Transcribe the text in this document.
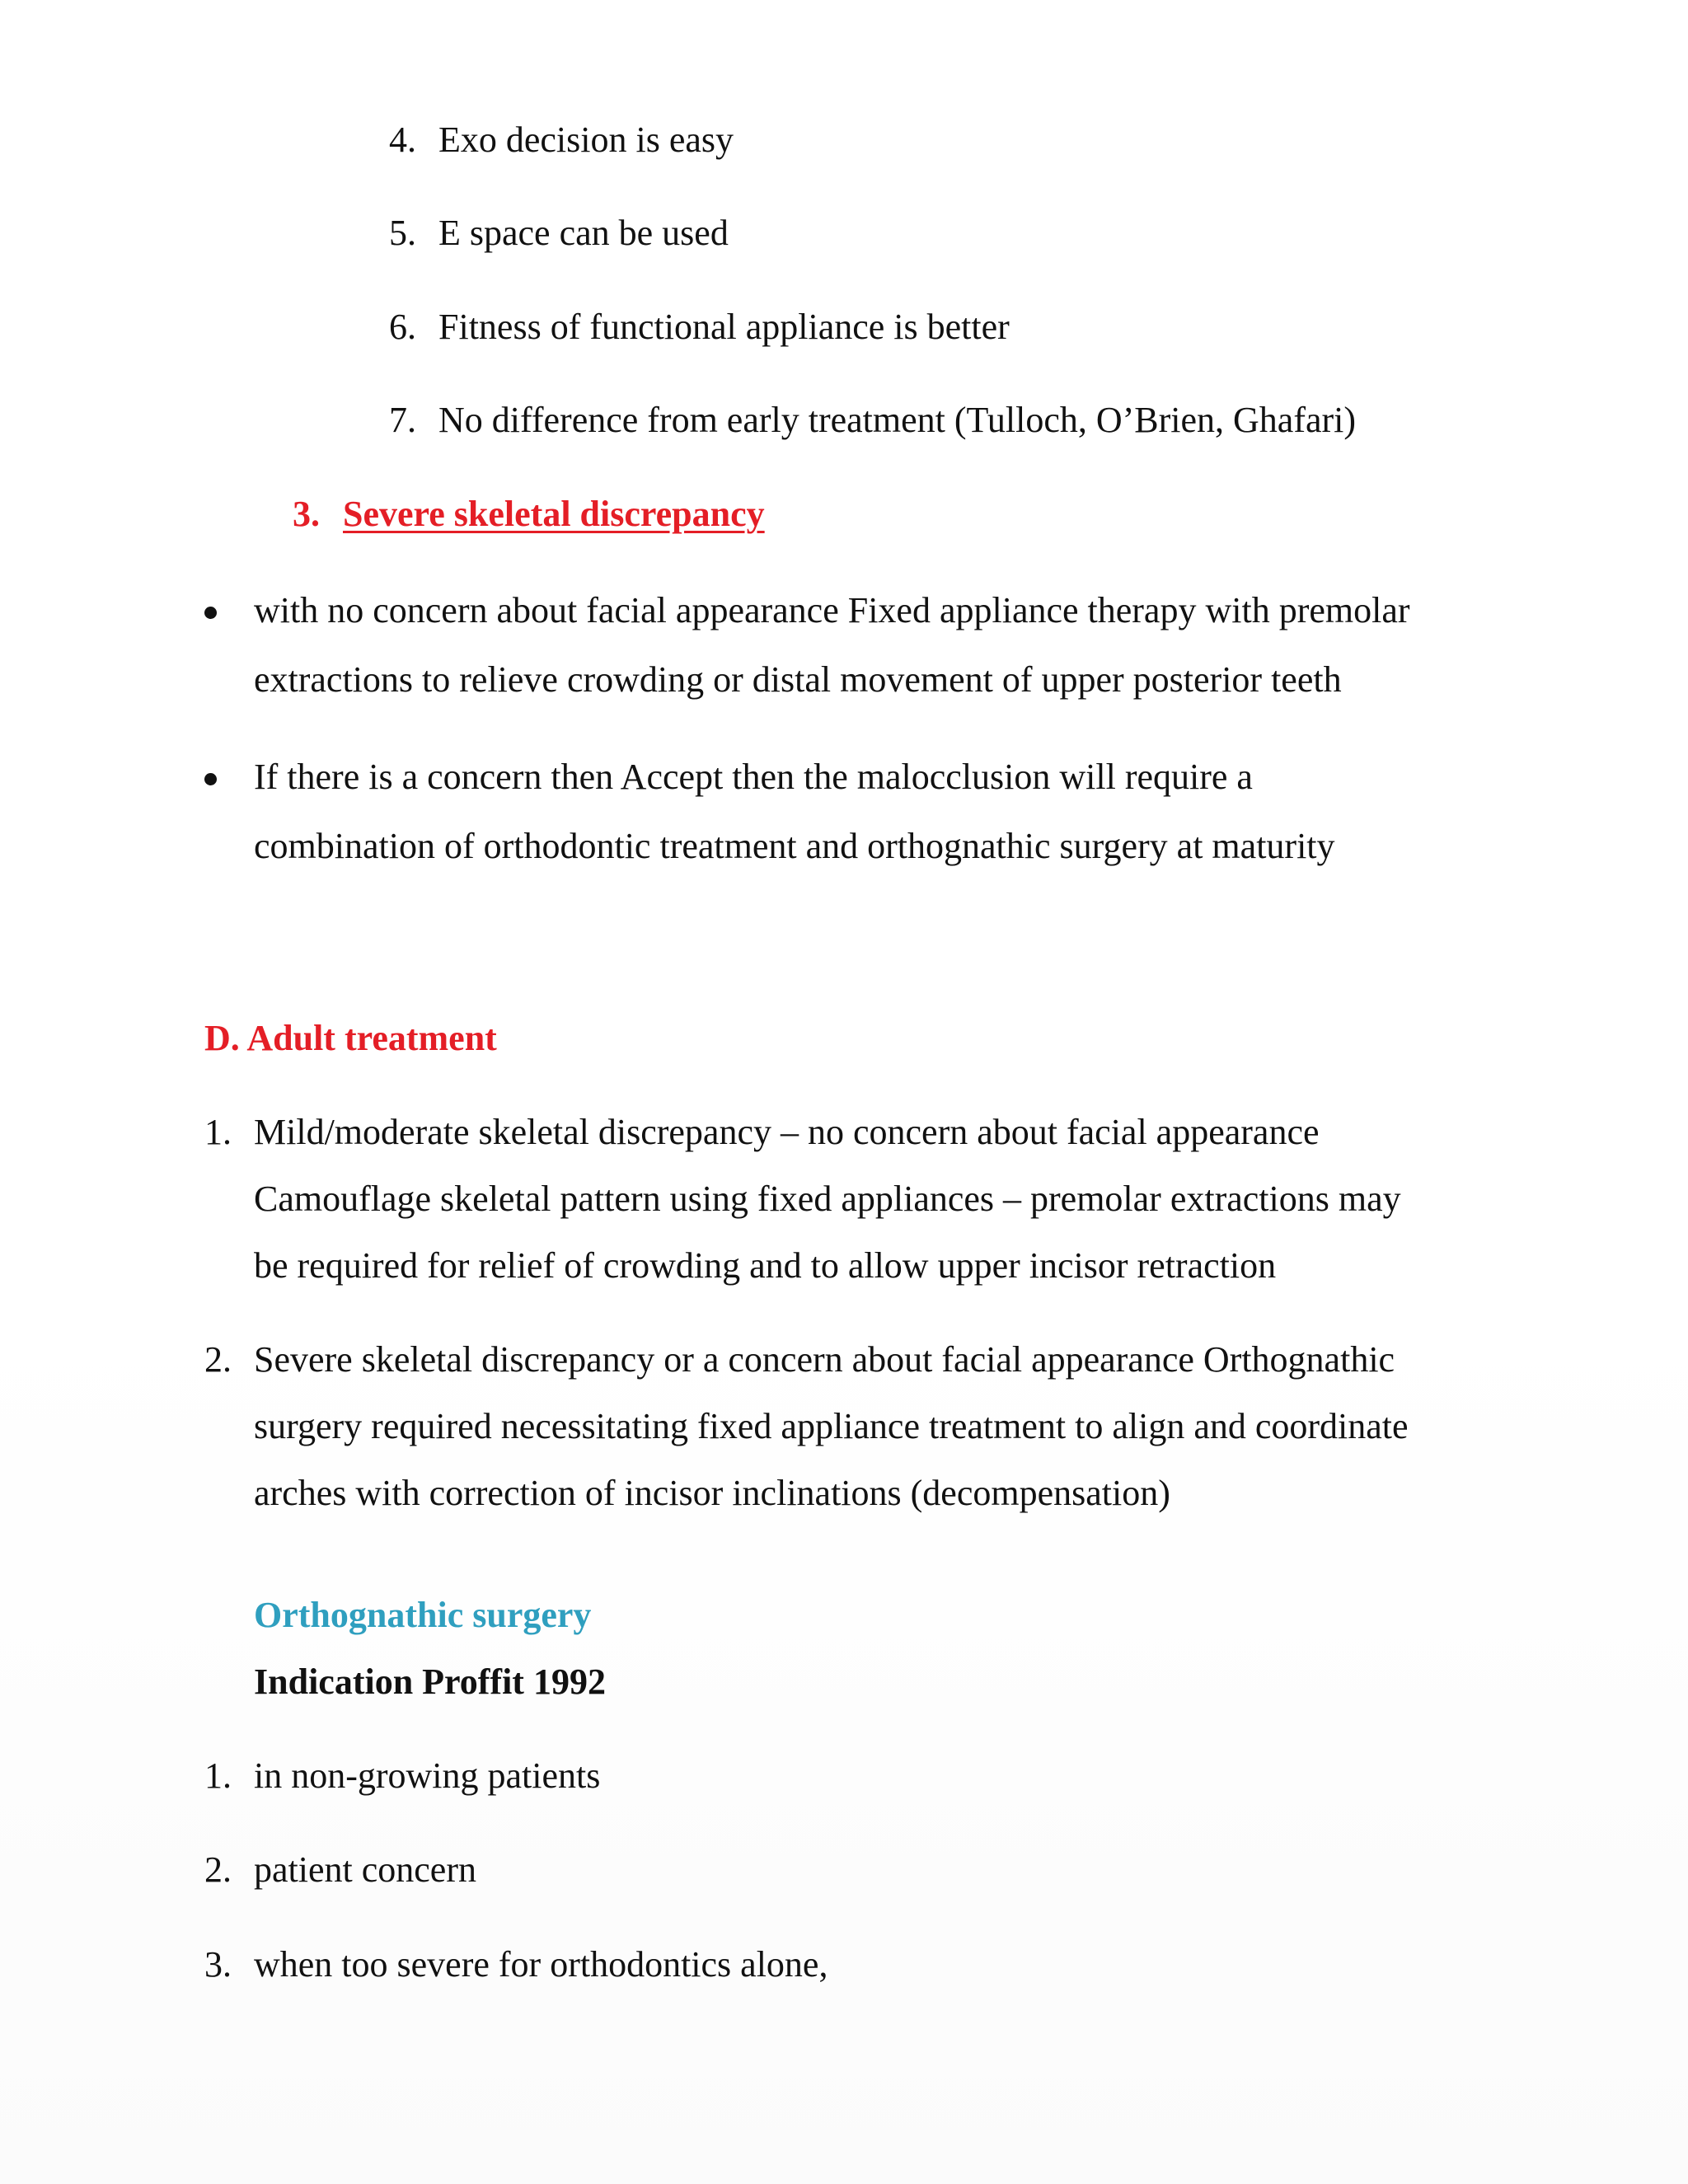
4. Exo decision is easy
5. E space can be used
6. Fitness of functional appliance is better
7. No difference from early treatment (Tulloch, O’Brien, Ghafari)
3. Severe skeletal discrepancy
with no concern about facial appearance Fixed appliance therapy with premolar
extractions to relieve crowding or distal movement of upper posterior teeth
If there is a concern then Accept then the malocclusion will require a
combination of orthodontic treatment and orthognathic surgery at maturity
D. Adult treatment
1. Mild/moderate skeletal discrepancy – no concern about facial appearance
Camouflage skeletal pattern using fixed appliances – premolar extractions may
be required for relief of crowding and to allow upper incisor retraction
2. Severe skeletal discrepancy or a concern about facial appearance Orthognathic
surgery required necessitating fixed appliance treatment to align and coordinate
arches with correction of incisor inclinations (decompensation)
Orthognathic surgery
Indication Proffit 1992
1. in non-growing patients
2. patient concern
3. when too severe for orthodontics alone,
